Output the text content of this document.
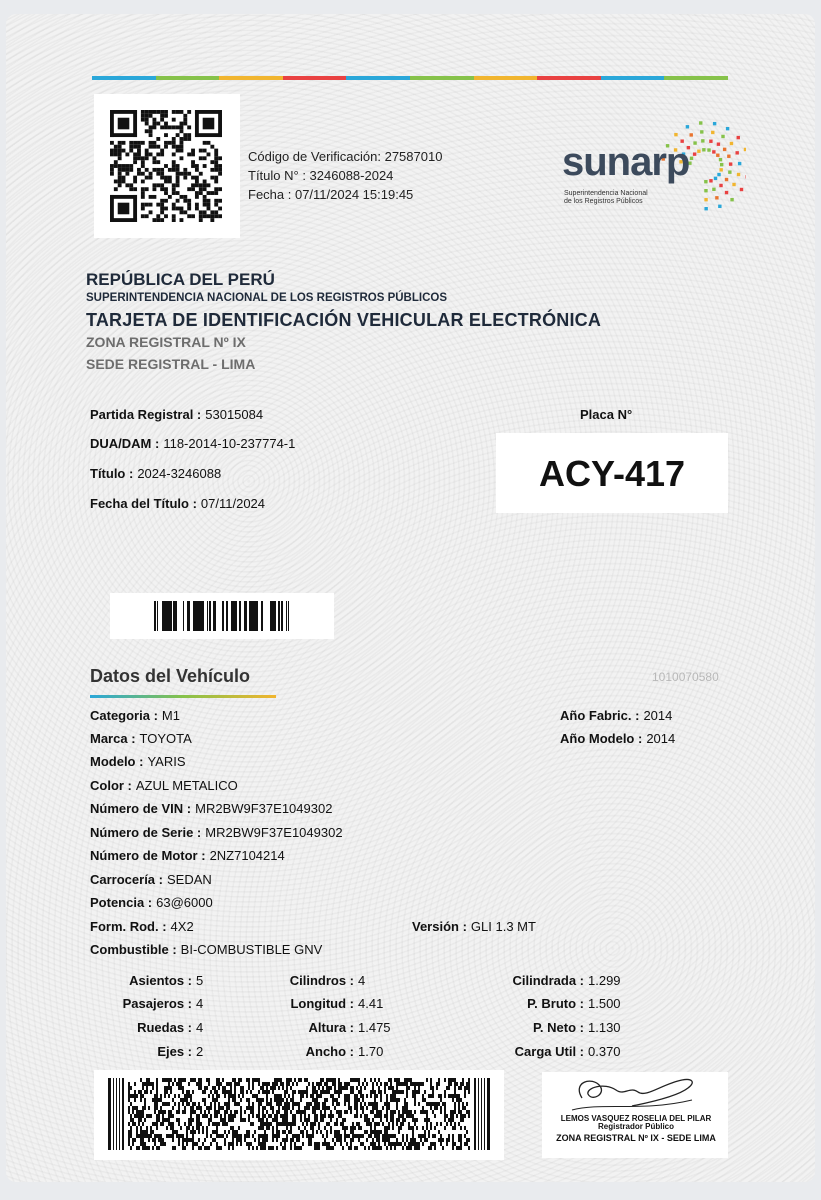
Código de Verificación: 27587010
Título N° : 3246088-2024
Fecha : 07/11/2024 15:19:45
sunarp
Superintendencia Nacional
de los Registros Públicos
REPÚBLICA DEL PERÚ
SUPERINTENDENCIA NACIONAL DE LOS REGISTROS PÚBLICOS
TARJETA DE IDENTIFICACIÓN VEHICULAR ELECTRÓNICA
ZONA REGISTRAL Nº IX
SEDE REGISTRAL - LIMA
Partida Registral : 53015084
DUA/DAM : 118-2014-10-237774-1
Título : 2024-3246088
Fecha del Título : 07/11/2024
Placa N°
ACY-417
Datos del Vehículo	1010070580
Categoria : M1
Marca : TOYOTA
Modelo : YARIS
Color : AZUL METALICO
Número de VIN : MR2BW9F37E1049302
Número de Serie : MR2BW9F37E1049302
Número de Motor : 2NZ7104214
Carrocería : SEDAN
Potencia : 63@6000
Form. Rod. : 4X2	Versión : GLI 1.3 MT
Combustible : BI-COMBUSTIBLE GNV
Año Fabric. : 2014
Año Modelo : 2014
Asientos : 5
Pasajeros : 4
Ruedas : 4
Ejes : 2
Cilindros : 4
Longitud : 4.41
Altura : 1.475
Ancho : 1.70
Cilindrada : 1.299
P. Bruto : 1.500
P. Neto : 1.130
Carga Util : 0.370
LEMOS VASQUEZ ROSELIA DEL PILAR
Registrador Público
ZONA REGISTRAL Nº IX - SEDE LIMA
